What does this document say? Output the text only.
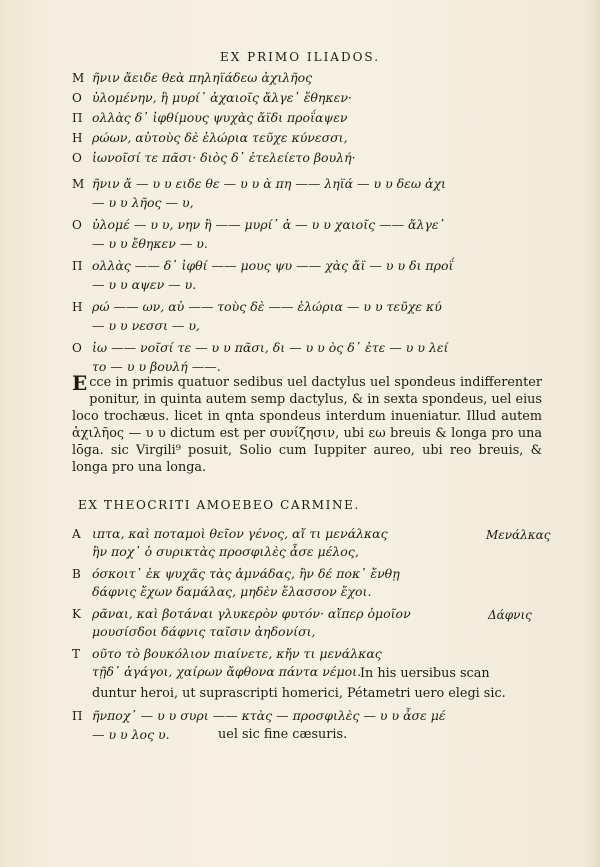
EX PRIMO ILIADOS.
M ῆνιν ἄειδε θεὰ πηληϊάδεω ἀχιλῆος
O ὐλομένην, ἣ μυρί᾽ ἀχαιοῖς ἄλγε᾽ ἔθηκεν·
Π ολλὰς δ᾽ ἰφθίμους ψυχὰς ἄϊδι προΐαψεν
H ρώων, αὐτοὺς δὲ ἑλώρια τεῦχε κύνεσσι,
O ἰωνοῖσί τε πᾶσι· διὸς δ᾽ ἐτελείετο βουλή·
M ῆνιν ἄ — υ υ ειδε θε — υ υ ὰ πη —— ληϊά — υ υ δεω ἀχι
— υ υ λῆος — υ,
O ὐλομέ — υ υ, νην ἣ —— μυρί᾽ ἀ — υ υ χαιοῖς —— ἄλγε᾽
— υ υ ἔθηκεν — υ.
Π ολλὰς —— δ᾽ ἰφθί —— μους ψυ —— χὰς ἄϊ — υ υ δι προΐ
— υ υ αψεν — υ.
H ρώ —— ων, αὐ —— τοὺς δὲ —— ἑλώρια — υ υ τεῦχε κύ
— υ υ νεσσι — υ,
O ἰω —— νοῖσί τε — υ υ πᾶσι, δι — υ υ ὸς δ᾽ ἐτε — υ υ λεί
το — υ υ βουλή ——.
Ecce in primis quatuor sedibus uel dactylus uel spondeus indifferenter ponitur, in quinta autem semp dactylus, & in sexta spondeus, uel eius loco trochæus. licet in qnta spondeus interdum inueniatur. Illud autem ἀχιλῆος — υ υ dictum est per συνίζησιν, ubi εω breuis & longa pro una lōga. sic Virgili⁹ posuit, Solio cum Iuppiter aureo, ubi reo breuis, & longa pro una longa.
EX THEOCRITI AMOEBEO CARMINE.
A ιπτα, καὶ ποταμοὶ θεῖον γένος, αἴ τι μενάλκας
ἣν ποχ᾽ ὁ συρικτὰς προσφιλὲς ἆσε μέλος,
B όσκοιτ᾽ ἐκ ψυχᾶς τὰς ἀμνάδας, ἢν δέ ποκ᾽ ἔνθῃ
δάφνις ἔχων δαμάλας, μηδὲν ἔλασσον ἔχοι.
K ρᾶναι, καὶ βοτάναι γλυκερὸν φυτόν· αἴπερ ὁμοῖον
μουσίσδοι δάφνις ταῖσιν ἀηδονίσι,
T οῦτο τὸ βουκόλιον πιαίνετε, κἤν τι μενάλκας
τῇδ᾽ ἀγάγοι, χαίρων ἄφθονα πάντα νέμοι.
Μενάλκας
Δάφνις
In his uersibus scan
duntur heroi, ut suprascripti homerici, Pétametri uero elegi sic.
Π ῆνποχ᾽ — υ υ συρι —— κτὰς — προσφιλὲς — υ υ ἆσε μέ
— υ υ λος υ.	uel sic fine cæsuris.
